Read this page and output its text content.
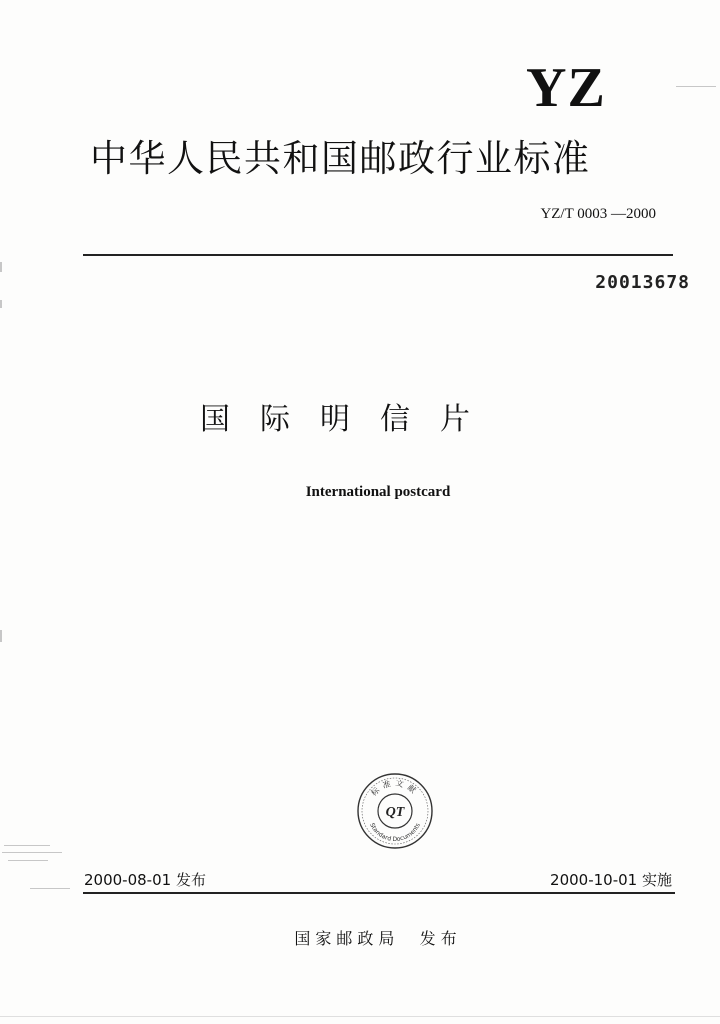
YZ
中华人民共和国邮政行业标准
YZ/T 0003 —2000
20013678
国际明信片
International postcard
标准文献
Standard Documents
QT
2000-08-01 发布	2000-10-01 实施
国家邮政局  发布
